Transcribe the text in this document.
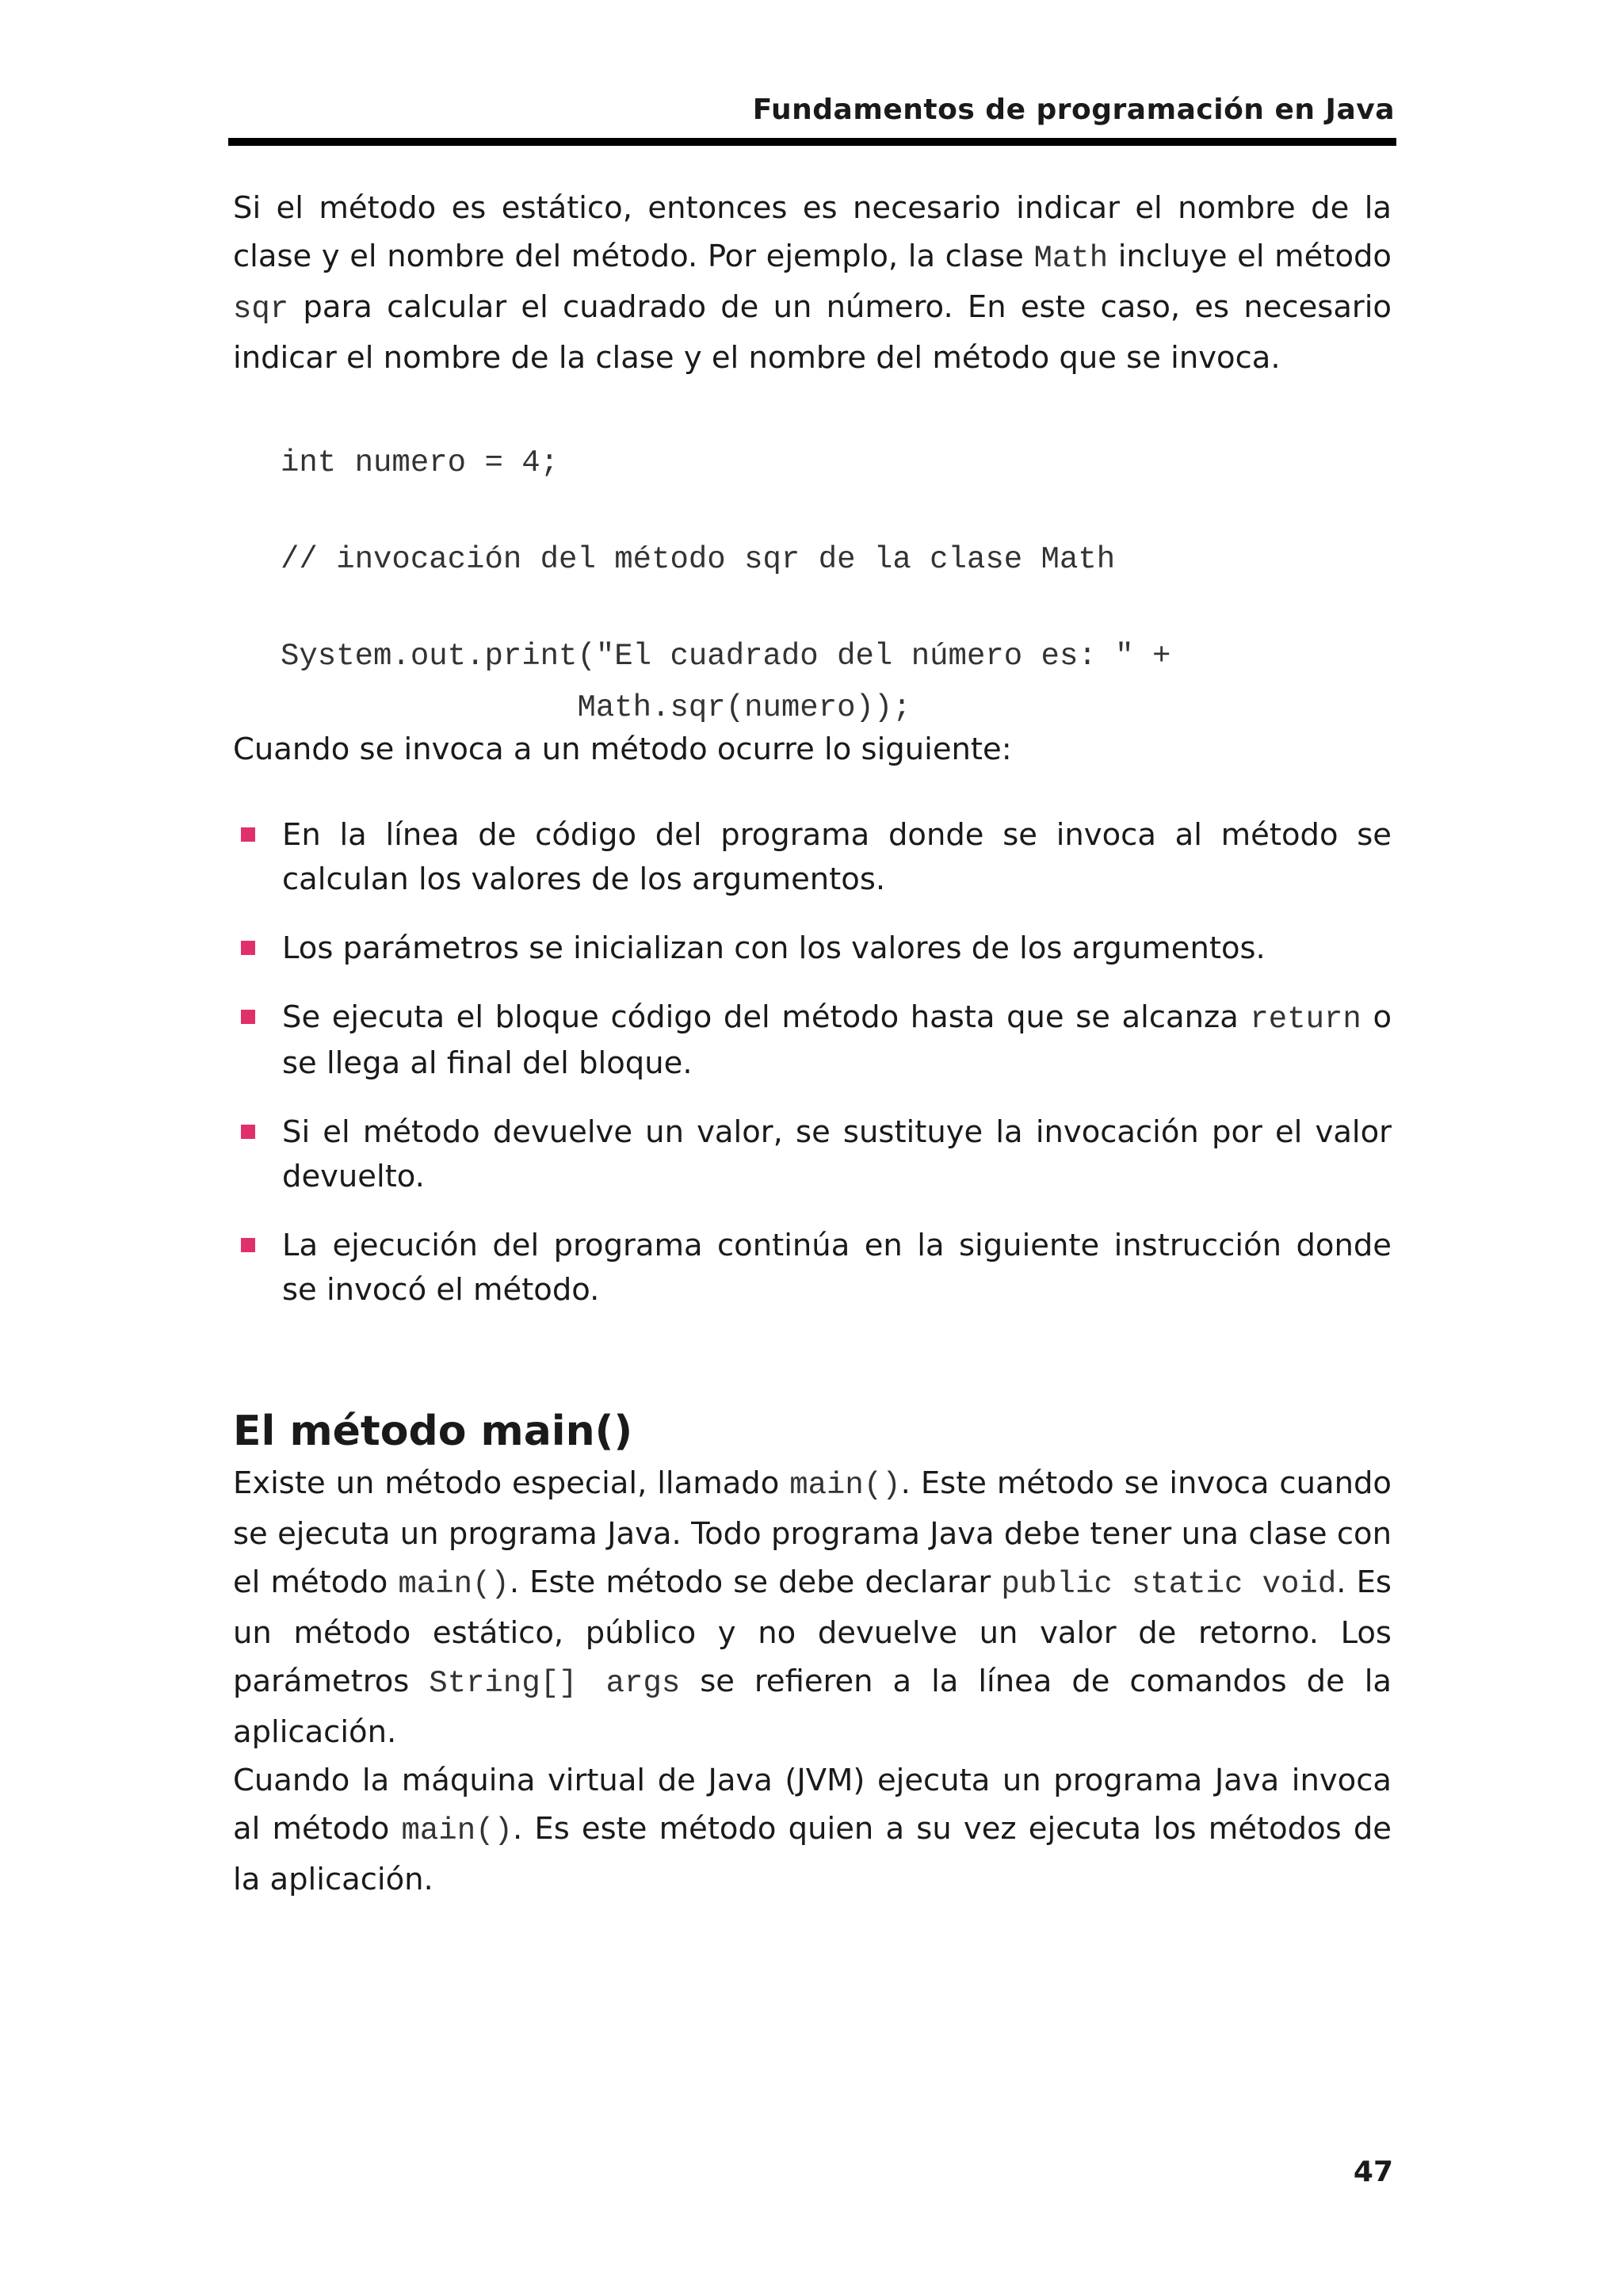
Fundamentos de programación en Java

Si el método es estático, entonces es necesario indicar el nombre de la clase y el nombre del método. Por ejemplo, la clase Math incluye el método sqr para calcular el cuadrado de un número. En este caso, es necesario indicar el nombre de la clase y el nombre del método que se invoca.

int numero = 4;
// invocación del método sqr de la clase Math
System.out.print("El cuadrado del número es: " +
Math.sqr(numero));

Cuando se invoca a un método ocurre lo siguiente:

En la línea de código del programa donde se invoca al método se calculan los valores de los argumentos.
Los parámetros se inicializan con los valores de los argumentos.
Se ejecuta el bloque código del método hasta que se alcanza return o se llega al final del bloque.
Si el método devuelve un valor, se sustituye la invocación por el valor devuelto.
La ejecución del programa continúa en la siguiente instrucción donde se invocó el método.
El método main()

Existe un método especial, llamado main(). Este método se invoca cuando se ejecuta un programa Java. Todo programa Java debe tener una clase con el método main(). Este método se debe declarar public static void. Es un método estático, público y no devuelve un valor de retorno. Los parámetros String[] args se refieren a la línea de comandos de la aplicación.

Cuando la máquina virtual de Java (JVM) ejecuta un programa Java invoca al método main(). Es este método quien a su vez ejecuta los métodos de la aplicación.

47
